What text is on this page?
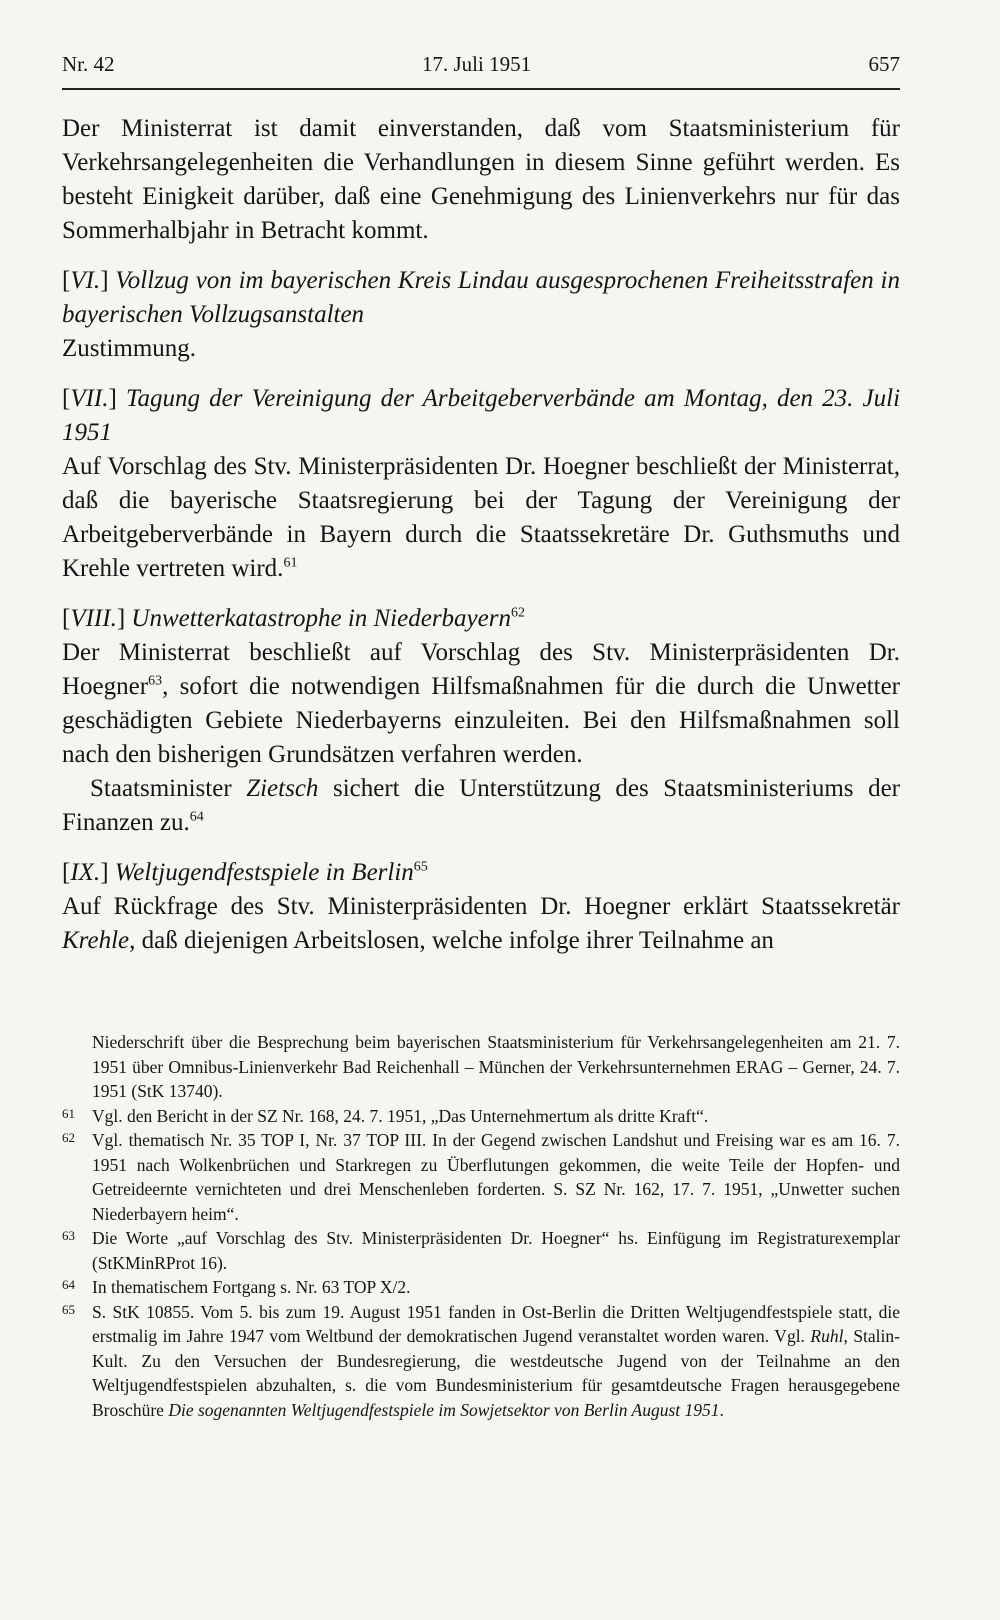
Nr. 42	17. Juli 1951	657

Der Ministerrat ist damit einverstanden, daß vom Staatsministerium für Verkehrsangelegenheiten die Verhandlungen in diesem Sinne geführt werden. Es besteht Einigkeit darüber, daß eine Genehmigung des Linienverkehrs nur für das Sommerhalbjahr in Betracht kommt.

[VI.] Vollzug von im bayerischen Kreis Lindau ausgesprochenen Freiheitsstrafen in bayerischen Vollzugsanstalten

Zustimmung.

[VII.] Tagung der Vereinigung der Arbeitgeberverbände am Montag, den 23. Juli 1951

Auf Vorschlag des Stv. Ministerpräsidenten Dr. Hoegner beschließt der Ministerrat, daß die bayerische Staatsregierung bei der Tagung der Vereinigung der Arbeitgeberverbände in Bayern durch die Staatssekretäre Dr. Guthsmuths und Krehle vertreten wird.$^{61}$

[VIII.] Unwetterkatastrophe in Niederbayern$^{62}$

Der Ministerrat beschließt auf Vorschlag des Stv. Ministerpräsidenten Dr. Hoegner$^{63}$, sofort die notwendigen Hilfsmaßnahmen für die durch die Unwetter geschädigten Gebiete Niederbayerns einzuleiten. Bei den Hilfsmaßnahmen soll nach den bisherigen Grundsätzen verfahren werden.

Staatsminister Zietsch sichert die Unterstützung des Staatsministeriums der Finanzen zu.$^{64}$

[IX.] Weltjugendfestspiele in Berlin$^{65}$

Auf Rückfrage des Stv. Ministerpräsidenten Dr. Hoegner erklärt Staatssekretär Krehle, daß diejenigen Arbeitslosen, welche infolge ihrer Teilnahme an

Niederschrift über die Besprechung beim bayerischen Staatsministerium für Verkehrsangelegenheiten am 21. 7. 1951 über Omnibus-Linienverkehr Bad Reichenhall – München der Verkehrsunternehmen ERAG – Gerner, 24. 7. 1951 (StK 13740).

61 Vgl. den Bericht in der SZ Nr. 168, 24. 7. 1951, „Das Unternehmertum als dritte Kraft“.

62 Vgl. thematisch Nr. 35 TOP I, Nr. 37 TOP III. In der Gegend zwischen Landshut und Freising war es am 16. 7. 1951 nach Wolkenbrüchen und Starkregen zu Überflutungen gekommen, die weite Teile der Hopfen- und Getreideernte vernichteten und drei Menschenleben forderten. S. SZ Nr. 162, 17. 7. 1951, „Unwetter suchen Niederbayern heim“.

63 Die Worte „auf Vorschlag des Stv. Ministerpräsidenten Dr. Hoegner“ hs. Einfügung im Registraturexemplar (StKMinRProt 16).

64 In thematischem Fortgang s. Nr. 63 TOP X/2.

65 S. StK 10855. Vom 5. bis zum 19. August 1951 fanden in Ost-Berlin die Dritten Weltjugendfestspiele statt, die erstmalig im Jahre 1947 vom Weltbund der demokratischen Jugend veranstaltet worden waren. Vgl. Ruhl, Stalin-Kult. Zu den Versuchen der Bundesregierung, die westdeutsche Jugend von der Teilnahme an den Weltjugendfestspielen abzuhalten, s. die vom Bundesministerium für gesamtdeutsche Fragen herausgegebene Broschüre Die sogenannten Weltjugendfestspiele im Sowjetsektor von Berlin August 1951.
